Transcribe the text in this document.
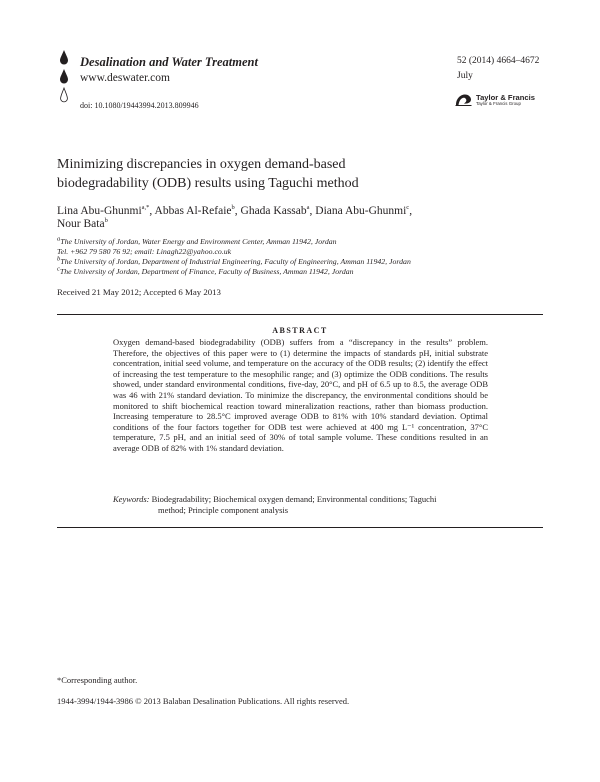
Desalination and Water Treatment
www.deswater.com
doi: 10.1080/19443994.2013.809946
52 (2014) 4664–4672
July
Taylor & Francis
Taylor & Francis Group
Minimizing discrepancies in oxygen demand-based
biodegradability (ODB) results using Taguchi method
Lina Abu-Ghunmi$^{a,*}$, Abbas Al-Refaie$^b$, Ghada Kassab$^a$, Diana Abu-Ghunmi$^c$,
Nour Bata$^b$
$^a$The University of Jordan, Water Energy and Environment Center, Amman 11942, Jordan
Tel. +962 79 580 76 92; email: Linagh22@yahoo.co.uk
$^b$The University of Jordan, Department of Industrial Engineering, Faculty of Engineering, Amman 11942, Jordan
$^c$The University of Jordan, Department of Finance, Faculty of Business, Amman 11942, Jordan
Received 21 May 2012; Accepted 6 May 2013
ABSTRACT
Oxygen demand-based biodegradability (ODB) suffers from a “discrepancy in the results” problem. Therefore, the objectives of this paper were to (1) determine the impacts of standards pH, initial substrate concentration, initial seed volume, and temperature on the accuracy of the ODB results; (2) identify the effect of increasing the test temperature to the mesophilic range; and (3) optimize the ODB conditions. The results showed, under standard environmental conditions, five-day, 20°C, and pH of 6.5 up to 8.5, the average ODB was 46 with 21% standard deviation. To minimize the discrepancy, the environmental conditions should be monitored to shift biochemical reaction toward mineralization reactions, rather than biomass production. Increasing temperature to 28.5°C improved average ODB to 81% with 10% standard deviation. Optimal conditions of the four factors together for ODB test were achieved at 400 mg L⁻¹ concentration, 37°C temperature, 7.5 pH, and an initial seed of 30% of total sample volume. These conditions resulted in an average ODB of 82% with 1% standard deviation.
Keywords: Biodegradability; Biochemical oxygen demand; Environmental conditions; Taguchi
method; Principle component analysis
*Corresponding author.
1944-3994/1944-3986 © 2013 Balaban Desalination Publications. All rights reserved.
